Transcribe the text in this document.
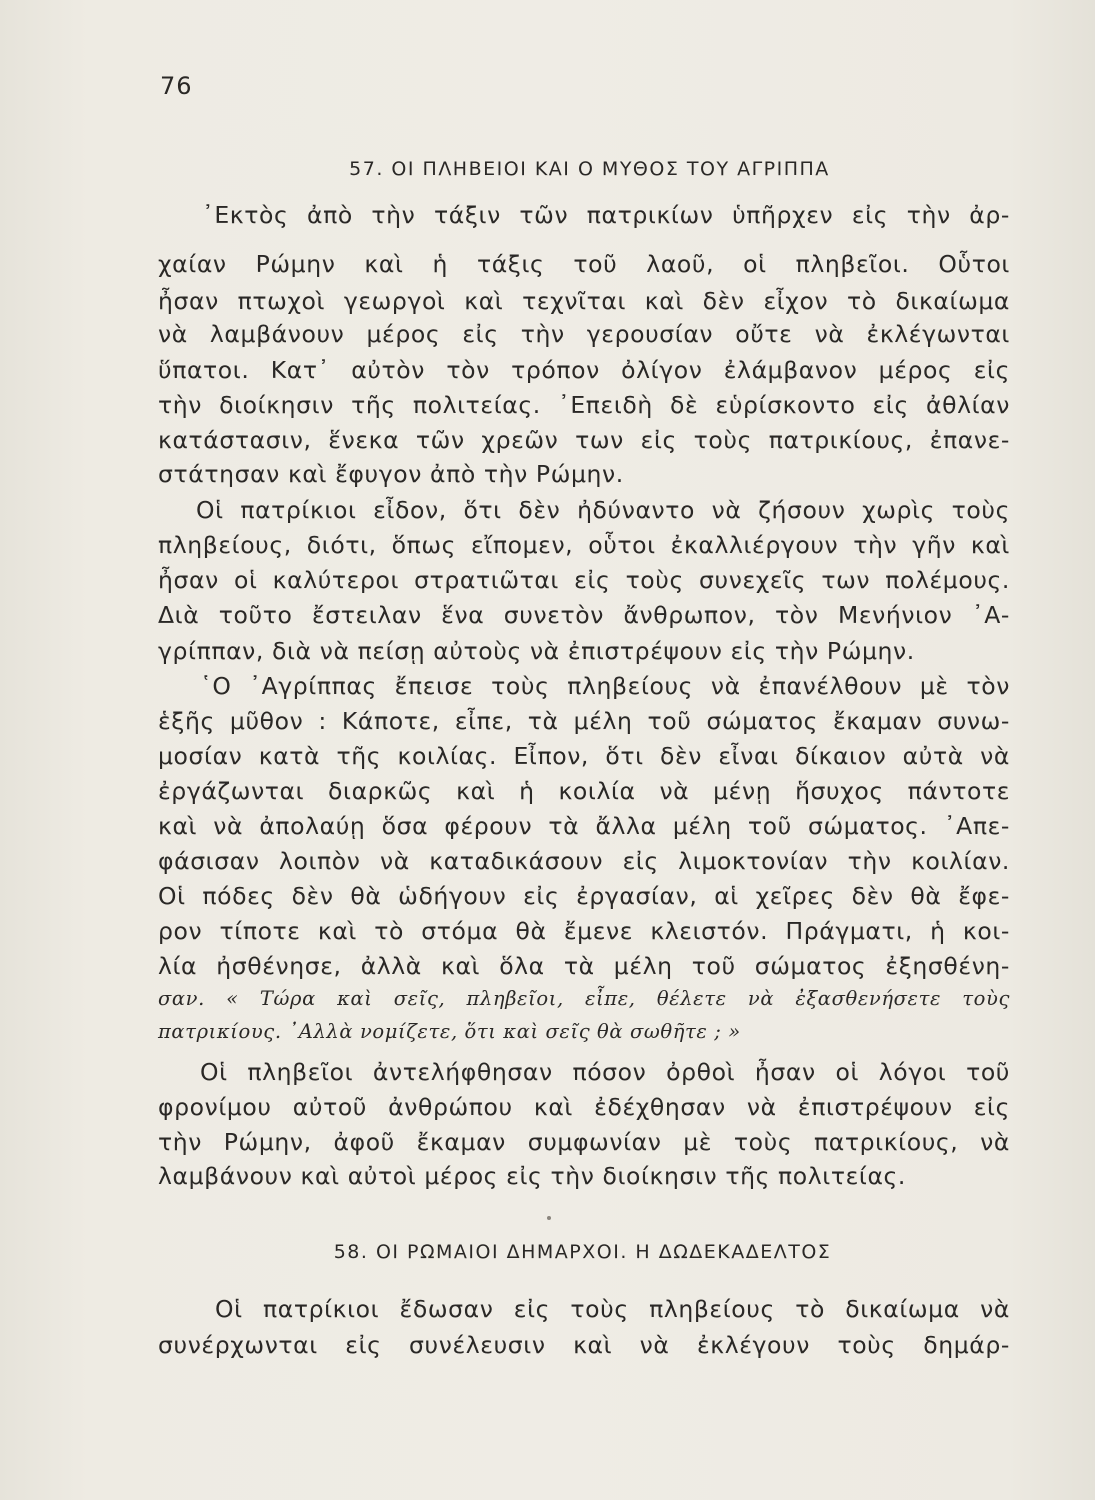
76
57. ΟΙ ΠΛΗΒΕΙΟΙ ΚΑΙ Ο ΜΥΘΟΣ ΤΟΥ ΑΓΡΙΠΠΑ
᾿Εκτὸς ἀπὸ τὴν τάξιν τῶν πατρικίων ὑπῆρχεν εἰς τὴν ἀρ-
χαίαν Ρώμην καὶ ἡ τάξις τοῦ λαοῦ, οἱ πληβεῖοι. Οὗτοι
ἦσαν πτωχοὶ γεωργοὶ καὶ τεχνῖται καὶ δὲν εἶχον τὸ δικαίωμα
νὰ λαμβάνουν μέρος εἰς τὴν γερουσίαν οὔτε νὰ ἐκλέγωνται
ὕπατοι. Κατ᾿ αὐτὸν τὸν τρόπον ὀλίγον ἐλάμβανον μέρος εἰς
τὴν διοίκησιν τῆς πολιτείας. ᾿Επειδὴ δὲ εὑρίσκοντο εἰς ἀθλίαν
κατάστασιν, ἕνεκα τῶν χρεῶν των εἰς τοὺς πατρικίους, ἐπανε-
στάτησαν καὶ ἔφυγον ἀπὸ τὴν Ρώμην.
Οἱ πατρίκιοι εἶδον, ὅτι δὲν ἠδύναντο νὰ ζήσουν χωρὶς τοὺς
πληβείους, διότι, ὅπως εἴπομεν, οὗτοι ἐκαλλιέργουν τὴν γῆν καὶ
ἦσαν οἱ καλύτεροι στρατιῶται εἰς τοὺς συνεχεῖς των πολέμους.
Διὰ τοῦτο ἔστειλαν ἕνα συνετὸν ἄνθρωπον, τὸν Μενήνιον ᾿Α-
γρίππαν, διὰ νὰ πείσῃ αὐτοὺς νὰ ἐπιστρέψουν εἰς τὴν Ρώμην.
῾Ο ᾿Αγρίππας ἔπεισε τοὺς πληβείους νὰ ἐπανέλθουν μὲ τὸν
ἑξῆς μῦθον : Κάποτε, εἶπε, τὰ μέλη τοῦ σώματος ἔκαμαν συνω-
μοσίαν κατὰ τῆς κοιλίας. Εἶπον, ὅτι δὲν εἶναι δίκαιον αὐτὰ νὰ
ἐργάζωνται διαρκῶς καὶ ἡ κοιλία νὰ μένῃ ἥσυχος πάντοτε
καὶ νὰ ἀπολαύῃ ὅσα φέρουν τὰ ἄλλα μέλη τοῦ σώματος. ᾿Απε-
φάσισαν λοιπὸν νὰ καταδικάσουν εἰς λιμοκτονίαν τὴν κοιλίαν.
Οἱ πόδες δὲν θὰ ὡδήγουν εἰς ἐργασίαν, αἱ χεῖρες δὲν θὰ ἔφε-
ρον τίποτε καὶ τὸ στόμα θὰ ἔμενε κλειστόν. Πράγματι, ἡ κοι-
λία ἠσθένησε, ἀλλὰ καὶ ὅλα τὰ μέλη τοῦ σώματος ἐξησθένη-
σαν. « Τώρα καὶ σεῖς, πληβεῖοι, εἶπε, θέλετε νὰ ἐξασθενήσετε τοὺς
πατρικίους. ᾿Αλλὰ νομίζετε, ὅτι καὶ σεῖς θὰ σωθῆτε ; »
Οἱ πληβεῖοι ἀντελήφθησαν πόσον ὀρθοὶ ἦσαν οἱ λόγοι τοῦ
φρονίμου αὐτοῦ ἀνθρώπου καὶ ἐδέχθησαν νὰ ἐπιστρέψουν εἰς
τὴν Ρώμην, ἀφοῦ ἔκαμαν συμφωνίαν μὲ τοὺς πατρικίους, νὰ
λαμβάνουν καὶ αὐτοὶ μέρος εἰς τὴν διοίκησιν τῆς πολιτείας.
58. ΟΙ ΡΩΜΑΙΟΙ ΔΗΜΑΡΧΟΙ. Η ΔΩΔΕΚΑΔΕΛΤΟΣ
Οἱ πατρίκιοι ἔδωσαν εἰς τοὺς πληβείους τὸ δικαίωμα νὰ
συνέρχωνται εἰς συνέλευσιν καὶ νὰ ἐκλέγουν τοὺς δημάρ-
